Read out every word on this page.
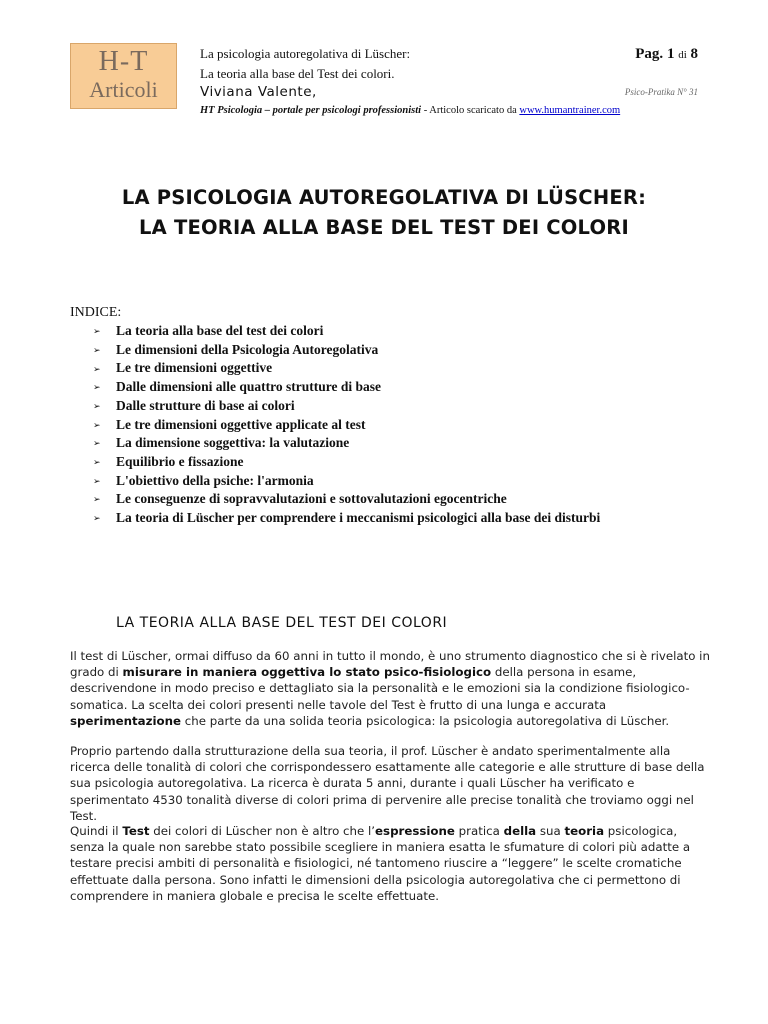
H-T
Articoli
La psicologia autoregolativa di Lüscher:
La teoria alla base del Test dei colori.
Viviana Valente,
HT Psicologia – portale per psicologi professionisti - Articolo scaricato da www.humantrainer.com
Pag. 1 di 8
Psico-Pratika N° 31
LA PSICOLOGIA AUTOREGOLATIVA DI LÜSCHER:
LA TEORIA ALLA BASE DEL TEST DEI COLORI
INDICE:
➢ La teoria alla base del test dei colori
➢ Le dimensioni della Psicologia Autoregolativa
➢ Le tre dimensioni oggettive
➢ Dalle dimensioni alle quattro strutture di base
➢ Dalle strutture di base ai colori
➢ Le tre dimensioni oggettive applicate al test
➢ La dimensione soggettiva: la valutazione
➢ Equilibrio e fissazione
➢ L'obiettivo della psiche: l'armonia
➢ Le conseguenze di sopravvalutazioni e sottovalutazioni egocentriche
➢ La teoria di Lüscher per comprendere i meccanismi psicologici alla base dei disturbi
LA TEORIA ALLA BASE DEL TEST DEI COLORI

Il test di Lüscher, ormai diffuso da 60 anni in tutto il mondo, è uno strumento diagnostico che si è rivelato in grado di misurare in maniera oggettiva lo stato psico-fisiologico della persona in esame, descrivendone in modo preciso e dettagliato sia la personalità e le emozioni sia la condizione fisiologico-somatica. La scelta dei colori presenti nelle tavole del Test è frutto di una lunga e accurata sperimentazione che parte da una solida teoria psicologica: la psicologia autoregolativa di Lüscher.

Proprio partendo dalla strutturazione della sua teoria, il prof. Lüscher è andato sperimentalmente alla ricerca delle tonalità di colori che corrispondessero esattamente alle categorie e alle strutture di base della sua psicologia autoregolativa. La ricerca è durata 5 anni, durante i quali Lüscher ha verificato e sperimentato 4530 tonalità diverse di colori prima di pervenire alle precise tonalità che troviamo oggi nel Test.

Quindi il Test dei colori di Lüscher non è altro che l’espressione pratica della sua teoria psicologica, senza la quale non sarebbe stato possibile scegliere in maniera esatta le sfumature di colori più adatte a testare precisi ambiti di personalità e fisiologici, né tantomeno riuscire a “leggere” le scelte cromatiche effettuate dalla persona. Sono infatti le dimensioni della psicologia autoregolativa che ci permettono di comprendere in maniera globale e precisa le scelte effettuate.
